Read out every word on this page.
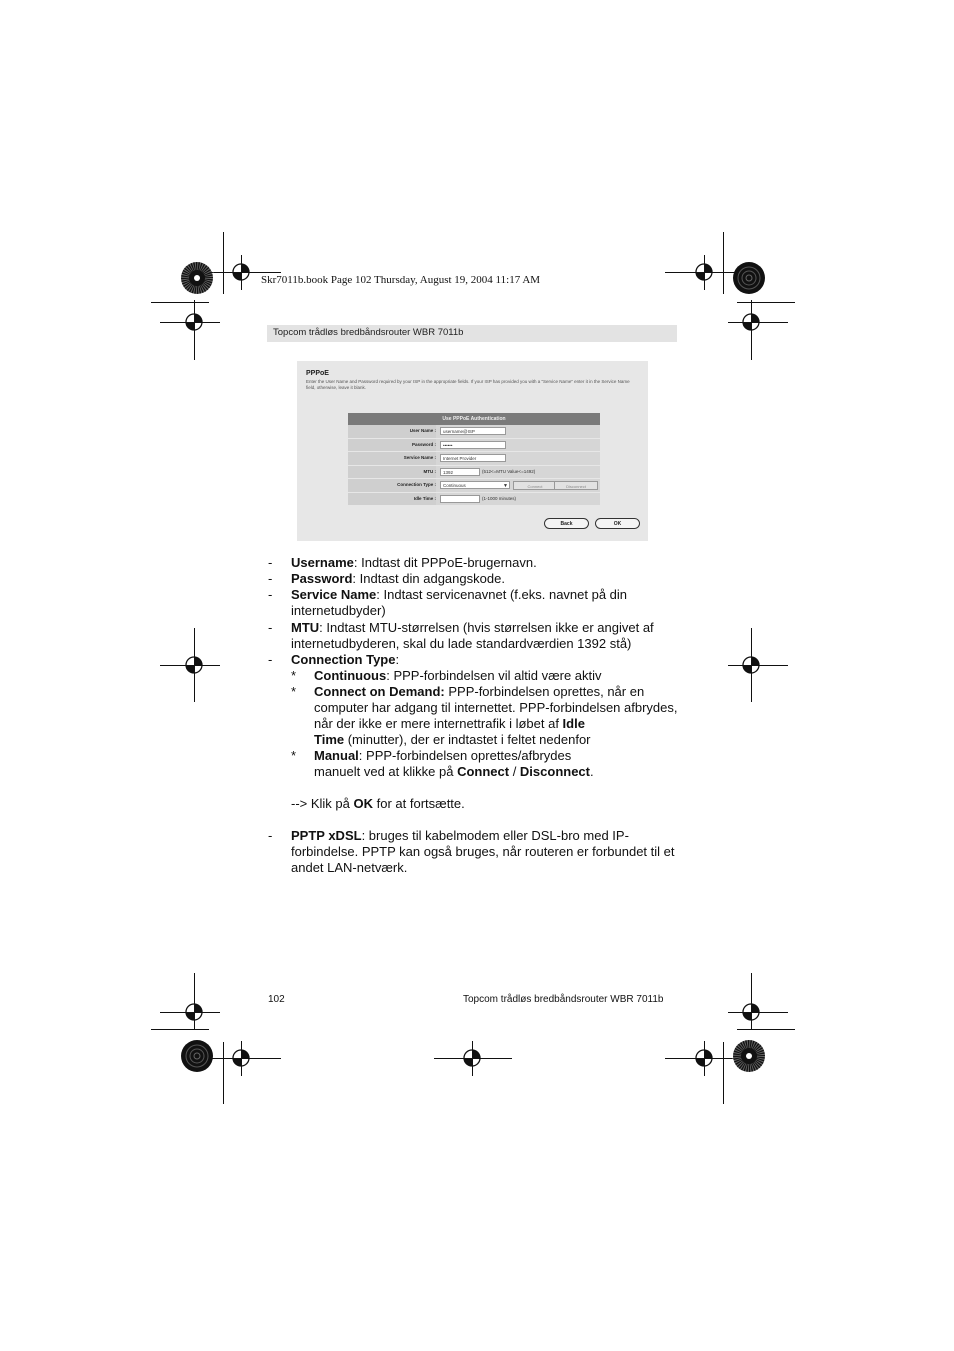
Skr7011b.book Page 102 Thursday, August 19, 2004 11:17 AM
Topcom trådløs bredbåndsrouter WBR 7011b
PPPoE
Enter the User Name and Password required by your ISP in the appropriate fields. If your ISP has provided you with a "Service Name" enter it in the Service Name field, otherwise, leave it blank.
Use PPPoE Authentication
User Name :	username@ISP
Password :	••••••
Service Name :	Internet Provider
MTU :	1392	(512<=MTU Value<=1492)
Connection Type :	Continuous	▼	Connect	Disconnect
Idle Time :	(1-1000 minutes)
Back	OK
- Username: Indtast dit PPPoE-brugernavn.
- Password: Indtast din adgangskode.
- Service Name: Indtast servicenavnet (f.eks. navnet på din
internetudbyder)
- MTU: Indtast MTU-størrelsen (hvis størrelsen ikke er angivet af
internetudbyderen, skal du lade standardværdien 1392 stå)
- Connection Type:
* Continuous: PPP-forbindelsen vil altid være aktiv
* Connect on Demand: PPP-forbindelsen oprettes, når en
computer har adgang til internettet. PPP-forbindelsen afbrydes,
når der ikke er mere internettrafik i løbet af Idle
Time (minutter), der er indtastet i feltet nedenfor
* Manual: PPP-forbindelsen oprettes/afbrydes
manuelt ved at klikke på Connect / Disconnect.
--> Klik på OK for at fortsætte.
- PPTP xDSL: bruges til kabelmodem eller DSL-bro med IP-
forbindelse. PPTP kan også bruges, når routeren er forbundet til et
andet LAN-netværk.
102	Topcom trådløs bredbåndsrouter WBR 7011b
